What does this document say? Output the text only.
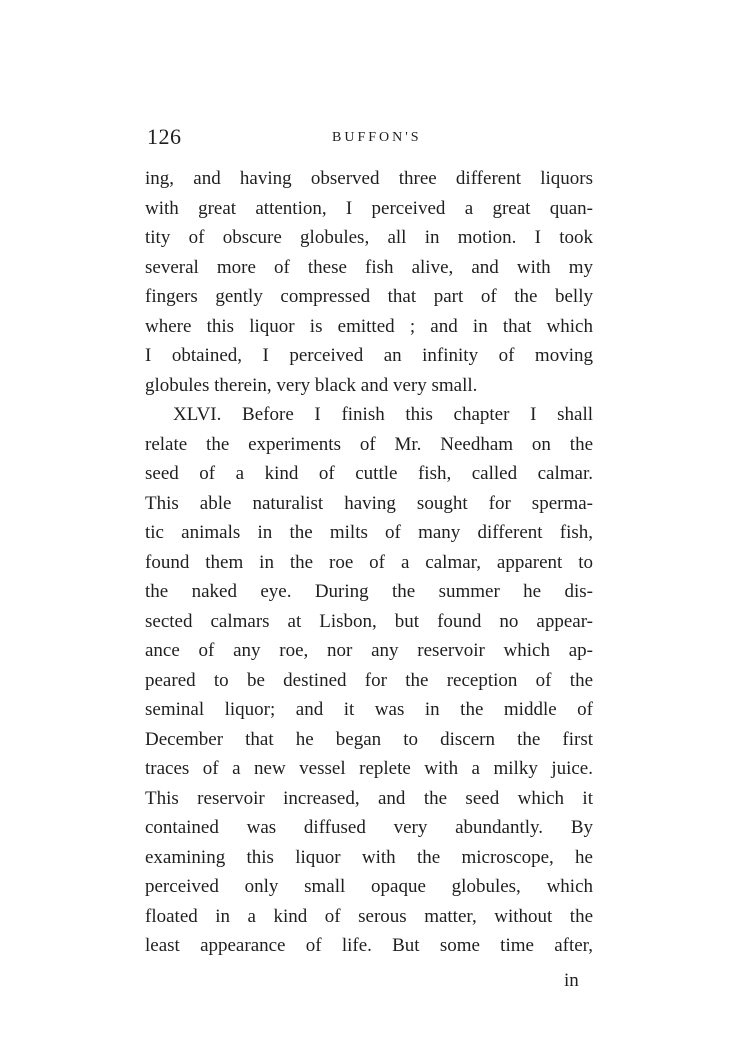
126	BUFFON'S
ing, and having observed three different liquors
with great attention, I perceived a great quan-
tity of obscure globules, all in motion. I took
several more of these fish alive, and with my
fingers gently compressed that part of the belly
where this liquor is emitted ; and in that which
I obtained, I perceived an infinity of moving
globules therein, very black and very small.
XLVI. Before I finish this chapter I shall
relate the experiments of Mr. Needham on the
seed of a kind of cuttle fish, called calmar.
This able naturalist having sought for sperma-
tic animals in the milts of many different fish,
found them in the roe of a calmar, apparent to
the naked eye. During the summer he dis-
sected calmars at Lisbon, but found no appear-
ance of any roe, nor any reservoir which ap-
peared to be destined for the reception of the
seminal liquor; and it was in the middle of
December that he began to discern the first
traces of a new vessel replete with a milky juice.
This reservoir increased, and the seed which it
contained was diffused very abundantly. By
examining this liquor with the microscope, he
perceived only small opaque globules, which
floated in a kind of serous matter, without the
least appearance of life. But some time after,
in
